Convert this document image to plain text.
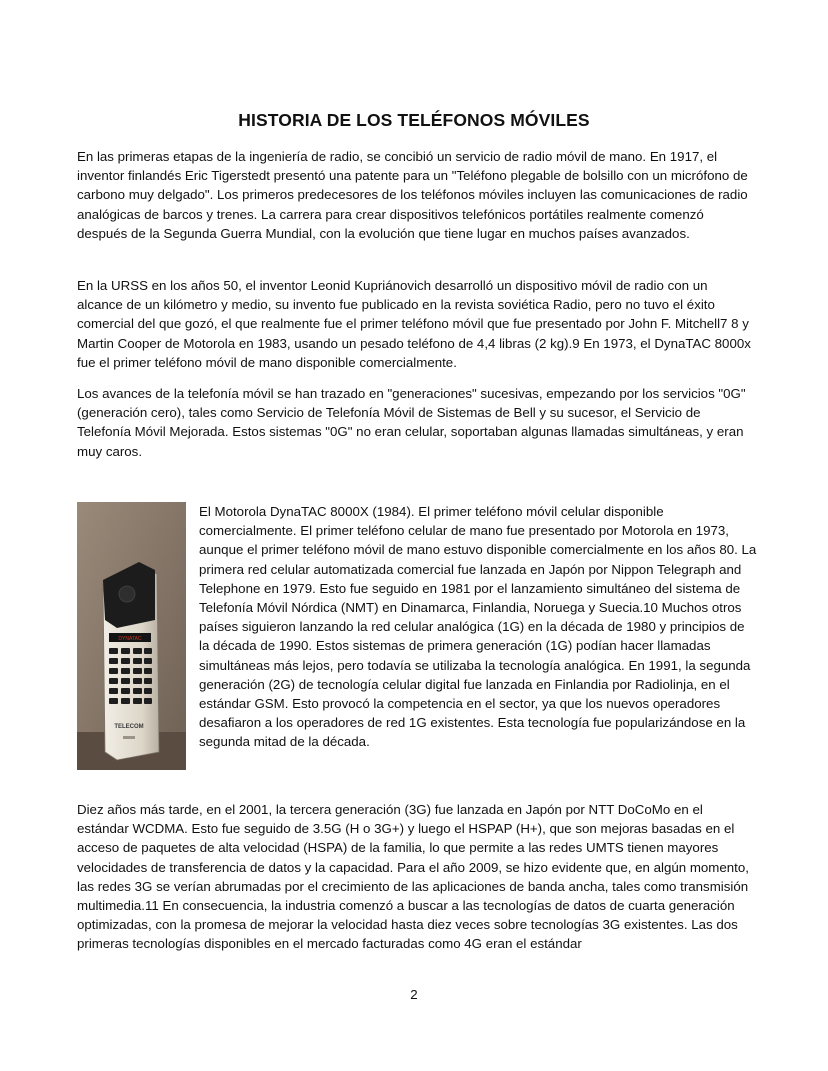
HISTORIA DE LOS TELÉFONOS MÓVILES

En las primeras etapas de la ingeniería de radio, se concibió un servicio de radio móvil de mano. En 1917, el inventor finlandés Eric Tigerstedt presentó una patente para un "Teléfono plegable de bolsillo con un micrófono de carbono muy delgado". Los primeros predecesores de los teléfonos móviles incluyen las comunicaciones de radio analógicas de barcos y trenes. La carrera para crear dispositivos telefónicos portátiles realmente comenzó después de la Segunda Guerra Mundial, con la evolución que tiene lugar en muchos países avanzados.

En la URSS en los años 50, el inventor Leonid Kupriánovich desarrolló un dispositivo móvil de radio con un alcance de un kilómetro y medio, su invento fue publicado en la revista soviética Radio, pero no tuvo el éxito comercial del que gozó, el que realmente fue el primer teléfono móvil que fue presentado por John F. Mitchell7 8 y Martin Cooper de Motorola en 1983, usando un pesado teléfono de 4,4 libras (2 kg).9 En 1973, el DynaTAC 8000x fue el primer teléfono móvil de mano disponible comercialmente.

Los avances de la telefonía móvil se han trazado en "generaciones" sucesivas, empezando por los servicios "0G" (generación cero), tales como Servicio de Telefonía Móvil de Sistemas de Bell y su sucesor, el Servicio de Telefonía Móvil Mejorada. Estos sistemas "0G" no eran celular, soportaban algunas llamadas simultáneas, y eran muy caros.

DYNATAC
TELECOM

El Motorola DynaTAC 8000X (1984). El primer teléfono móvil celular disponible comercialmente. El primer teléfono celular de mano fue presentado por Motorola en 1973, aunque el primer teléfono móvil de mano estuvo disponible comercialmente en los años 80. La primera red celular automatizada comercial fue lanzada en Japón por Nippon Telegraph and Telephone en 1979. Esto fue seguido en 1981 por el lanzamiento simultáneo del sistema de Telefonía Móvil Nórdica (NMT) en Dinamarca, Finlandia, Noruega y Suecia.10 Muchos otros países siguieron lanzando la red celular analógica (1G) en la década de 1980 y principios de la década de 1990. Estos sistemas de primera generación (1G) podían hacer llamadas simultáneas más lejos, pero todavía se utilizaba la tecnología analógica. En 1991, la segunda generación (2G) de tecnología celular digital fue lanzada en Finlandia por Radiolinja, en el estándar GSM. Esto provocó la competencia en el sector, ya que los nuevos operadores desafiaron a los operadores de red 1G existentes. Esta tecnología fue popularizándose en la segunda mitad de la década.

Diez años más tarde, en el 2001, la tercera generación (3G) fue lanzada en Japón por NTT DoCoMo en el estándar WCDMA. Esto fue seguido de 3.5G (H o 3G+) y luego el HSPAP (H+), que son mejoras basadas en el acceso de paquetes de alta velocidad (HSPA) de la familia, lo que permite a las redes UMTS tienen mayores velocidades de transferencia de datos y la capacidad. Para el año 2009, se hizo evidente que, en algún momento, las redes 3G se verían abrumadas por el crecimiento de las aplicaciones de banda ancha, tales como transmisión multimedia.11 En consecuencia, la industria comenzó a buscar a las tecnologías de datos de cuarta generación optimizadas, con la promesa de mejorar la velocidad hasta diez veces sobre tecnologías 3G existentes. Las dos primeras tecnologías disponibles en el mercado facturadas como 4G eran el estándar

2
